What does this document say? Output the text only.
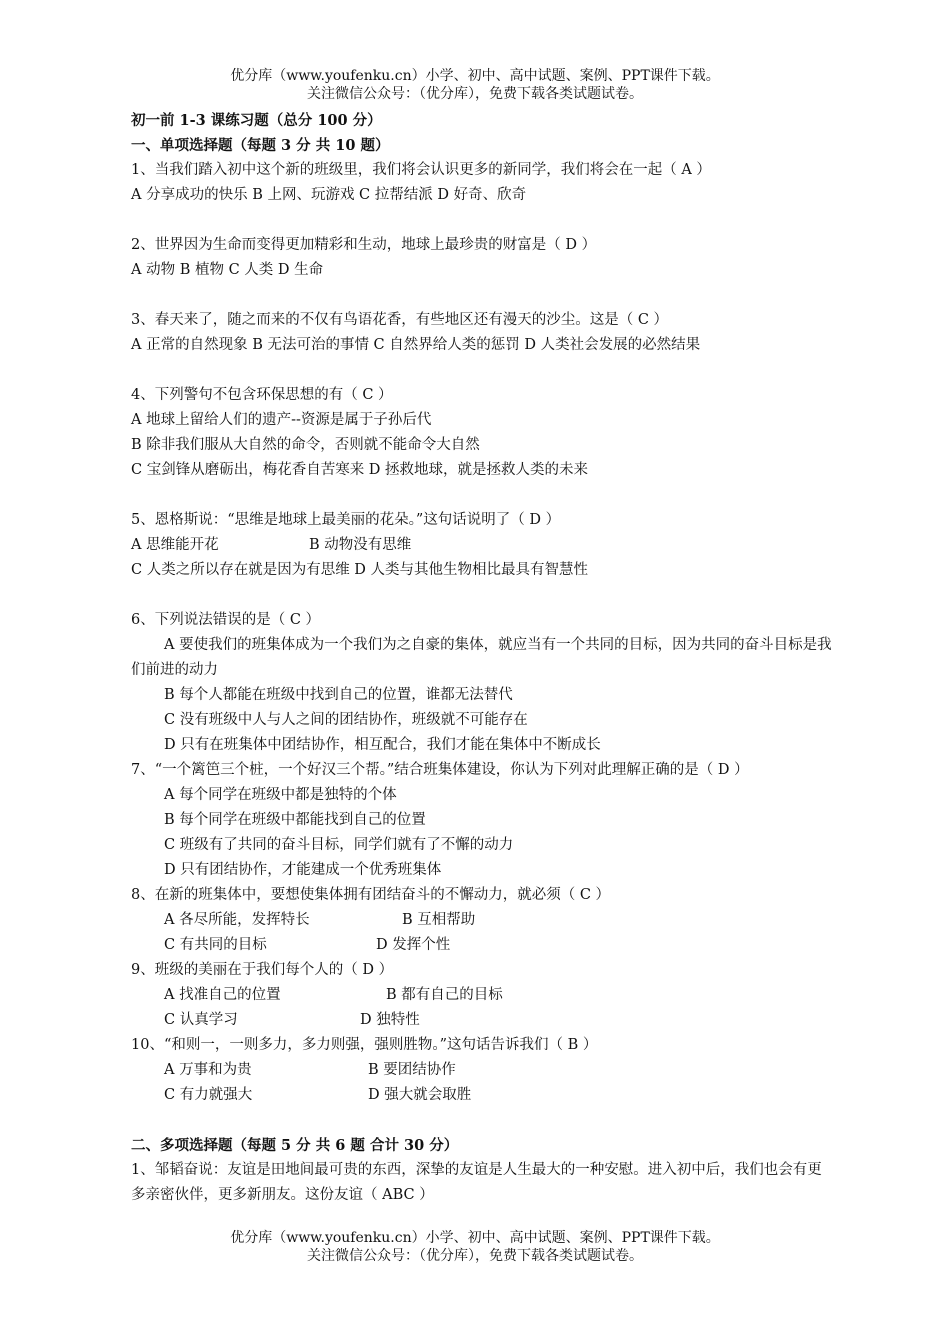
优分库（www.youfenku.cn）小学、初中、高中试题、案例、PPT课件下载。
关注微信公众号：（优分库），免费下载各类试题试卷。
初一前 1-3 课练习题（总分 100 分）
一、单项选择题（每题 3 分 共 10 题）
1、当我们踏入初中这个新的班级里，我们将会认识更多的新同学，我们将会在一起（ A ）
A 分享成功的快乐 B 上网、玩游戏 C 拉帮结派 D 好奇、欣奇
2、世界因为生命而变得更加精彩和生动，地球上最珍贵的财富是（ D ）
A 动物 B 植物 C 人类 D 生命
3、春天来了，随之而来的不仅有鸟语花香，有些地区还有漫天的沙尘。这是（ C ）
A 正常的自然现象 B 无法可治的事情 C 自然界给人类的惩罚 D 人类社会发展的必然结果
4、下列警句不包含环保思想的有（ C ）
A 地球上留给人们的遗产--资源是属于子孙后代
B 除非我们服从大自然的命令，否则就不能命令大自然
C 宝剑锋从磨砺出，梅花香自苦寒来 D 拯救地球，就是拯救人类的未来
5、恩格斯说：“思维是地球上最美丽的花朵。”这句话说明了（ D ）
A 思维能开花	B 动物没有思维
C 人类之所以存在就是因为有思维 D 人类与其他生物相比最具有智慧性
6、下列说法错误的是（ C ）
A 要使我们的班集体成为一个我们为之自豪的集体，就应当有一个共同的目标，因为共同的奋斗目标是我们前进的动力
B 每个人都能在班级中找到自己的位置，谁都无法替代
C 没有班级中人与人之间的团结协作，班级就不可能存在
D 只有在班集体中团结协作，相互配合，我们才能在集体中不断成长
7、“一个篱笆三个桩，一个好汉三个帮。”结合班集体建设，你认为下列对此理解正确的是（ D ）
A 每个同学在班级中都是独特的个体
B 每个同学在班级中都能找到自己的位置
C 班级有了共同的奋斗目标，同学们就有了不懈的动力
D 只有团结协作，才能建成一个优秀班集体
8、在新的班集体中，要想使集体拥有团结奋斗的不懈动力，就必须（ C ）
A 各尽所能，发挥特长	B 互相帮助
C 有共同的目标	D 发挥个性
9、班级的美丽在于我们每个人的（ D ）
A 找准自己的位置	B 都有自己的目标
C 认真学习	D 独特性
10、“和则一，一则多力，多力则强，强则胜物。”这句话告诉我们（ B ）
A 万事和为贵	B 要团结协作
C 有力就强大	D 强大就会取胜
二、多项选择题（每题 5 分 共 6 题 合计 30 分）
1、邹韬奋说：友谊是田地间最可贵的东西，深挚的友谊是人生最大的一种安慰。进入初中后，我们也会有更多亲密伙伴，更多新朋友。这份友谊（ ABC ）
优分库（www.youfenku.cn）小学、初中、高中试题、案例、PPT课件下载。
关注微信公众号：（优分库），免费下载各类试题试卷。
